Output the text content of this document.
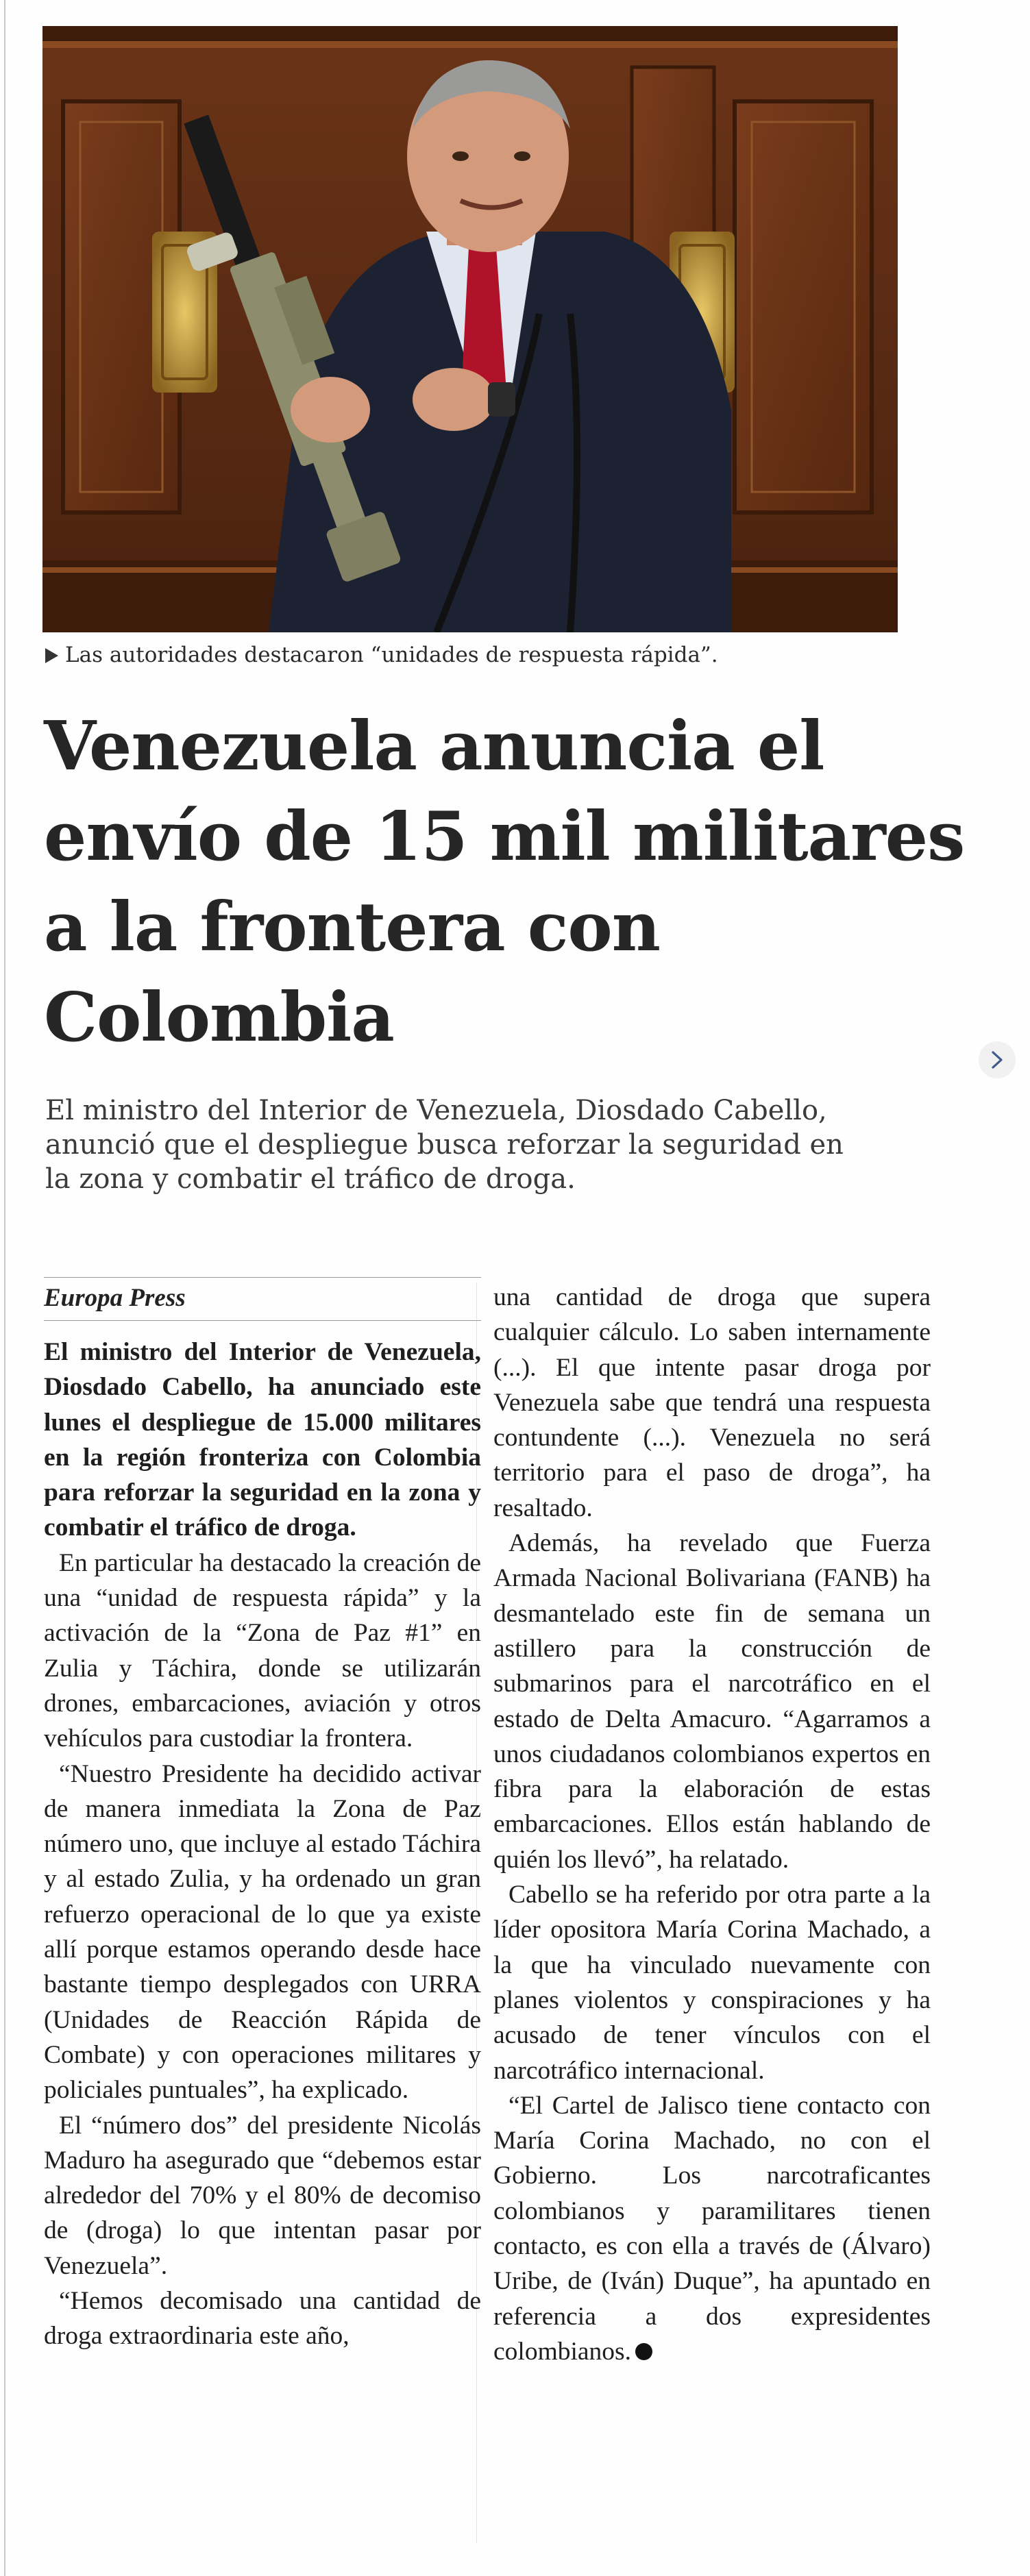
Las autoridades destacaron “unidades de respuesta rápida”.
Venezuela anuncia el envío de 15 mil militares a la frontera con Colombia

El ministro del Interior de Venezuela, Diosdado Cabello, anunció que el despliegue busca reforzar la seguridad en la zona y combatir el tráfico de droga.

Europa Press

El ministro del Interior de Venezuela, Diosdado Cabello, ha anunciado este lunes el despliegue de 15.000 militares en la región fronteriza con Colombia para reforzar la seguridad en la zona y combatir el tráfico de droga.

En particular ha destacado la creación de una “unidad de respuesta rápida” y la activación de la “Zona de Paz #1” en Zulia y Táchira, donde se utilizarán drones, embarcaciones, aviación y otros vehículos para custodiar la frontera.

“Nuestro Presidente ha decidido activar de manera inmediata la Zona de Paz número uno, que incluye al estado Táchira y al estado Zulia, y ha ordenado un gran refuerzo operacional de lo que ya existe allí porque estamos operando desde hace bastante tiempo desplegados con URRA (Unidades de Reacción Rápida de Combate) y con operaciones militares y policiales puntuales”, ha explicado.

El “número dos” del presidente Nicolás Maduro ha asegurado que “debemos estar alrededor del 70% y el 80% de decomiso de (droga) lo que intentan pasar por Venezuela”.

“Hemos decomisado una cantidad de droga extraordinaria este año,

una cantidad de droga que supera cualquier cálculo. Lo saben internamente (...). El que intente pasar droga por Venezuela sabe que tendrá una respuesta contundente (...). Venezuela no será territorio para el paso de droga”, ha resaltado.

Además, ha revelado que Fuerza Armada Nacional Bolivariana (FANB) ha desmantelado este fin de semana un astillero para la construcción de submarinos para el narcotráfico en el estado de Delta Amacuro. “Agarramos a unos ciudadanos colombianos expertos en fibra para la elaboración de estas embarcaciones. Ellos están hablando de quién los llevó”, ha relatado.

Cabello se ha referido por otra parte a la líder opositora María Corina Machado, a la que ha vinculado nuevamente con planes violentos y conspiraciones y ha acusado de tener vínculos con el narcotráfico internacional.

“El Cartel de Jalisco tiene contacto con María Corina Machado, no con el Gobierno. Los narcotraficantes colombianos y paramilitares tienen contacto, es con ella a través de (Álvaro) Uribe, de (Iván) Duque”, ha apuntado en referencia a dos expresidentes colombianos.
